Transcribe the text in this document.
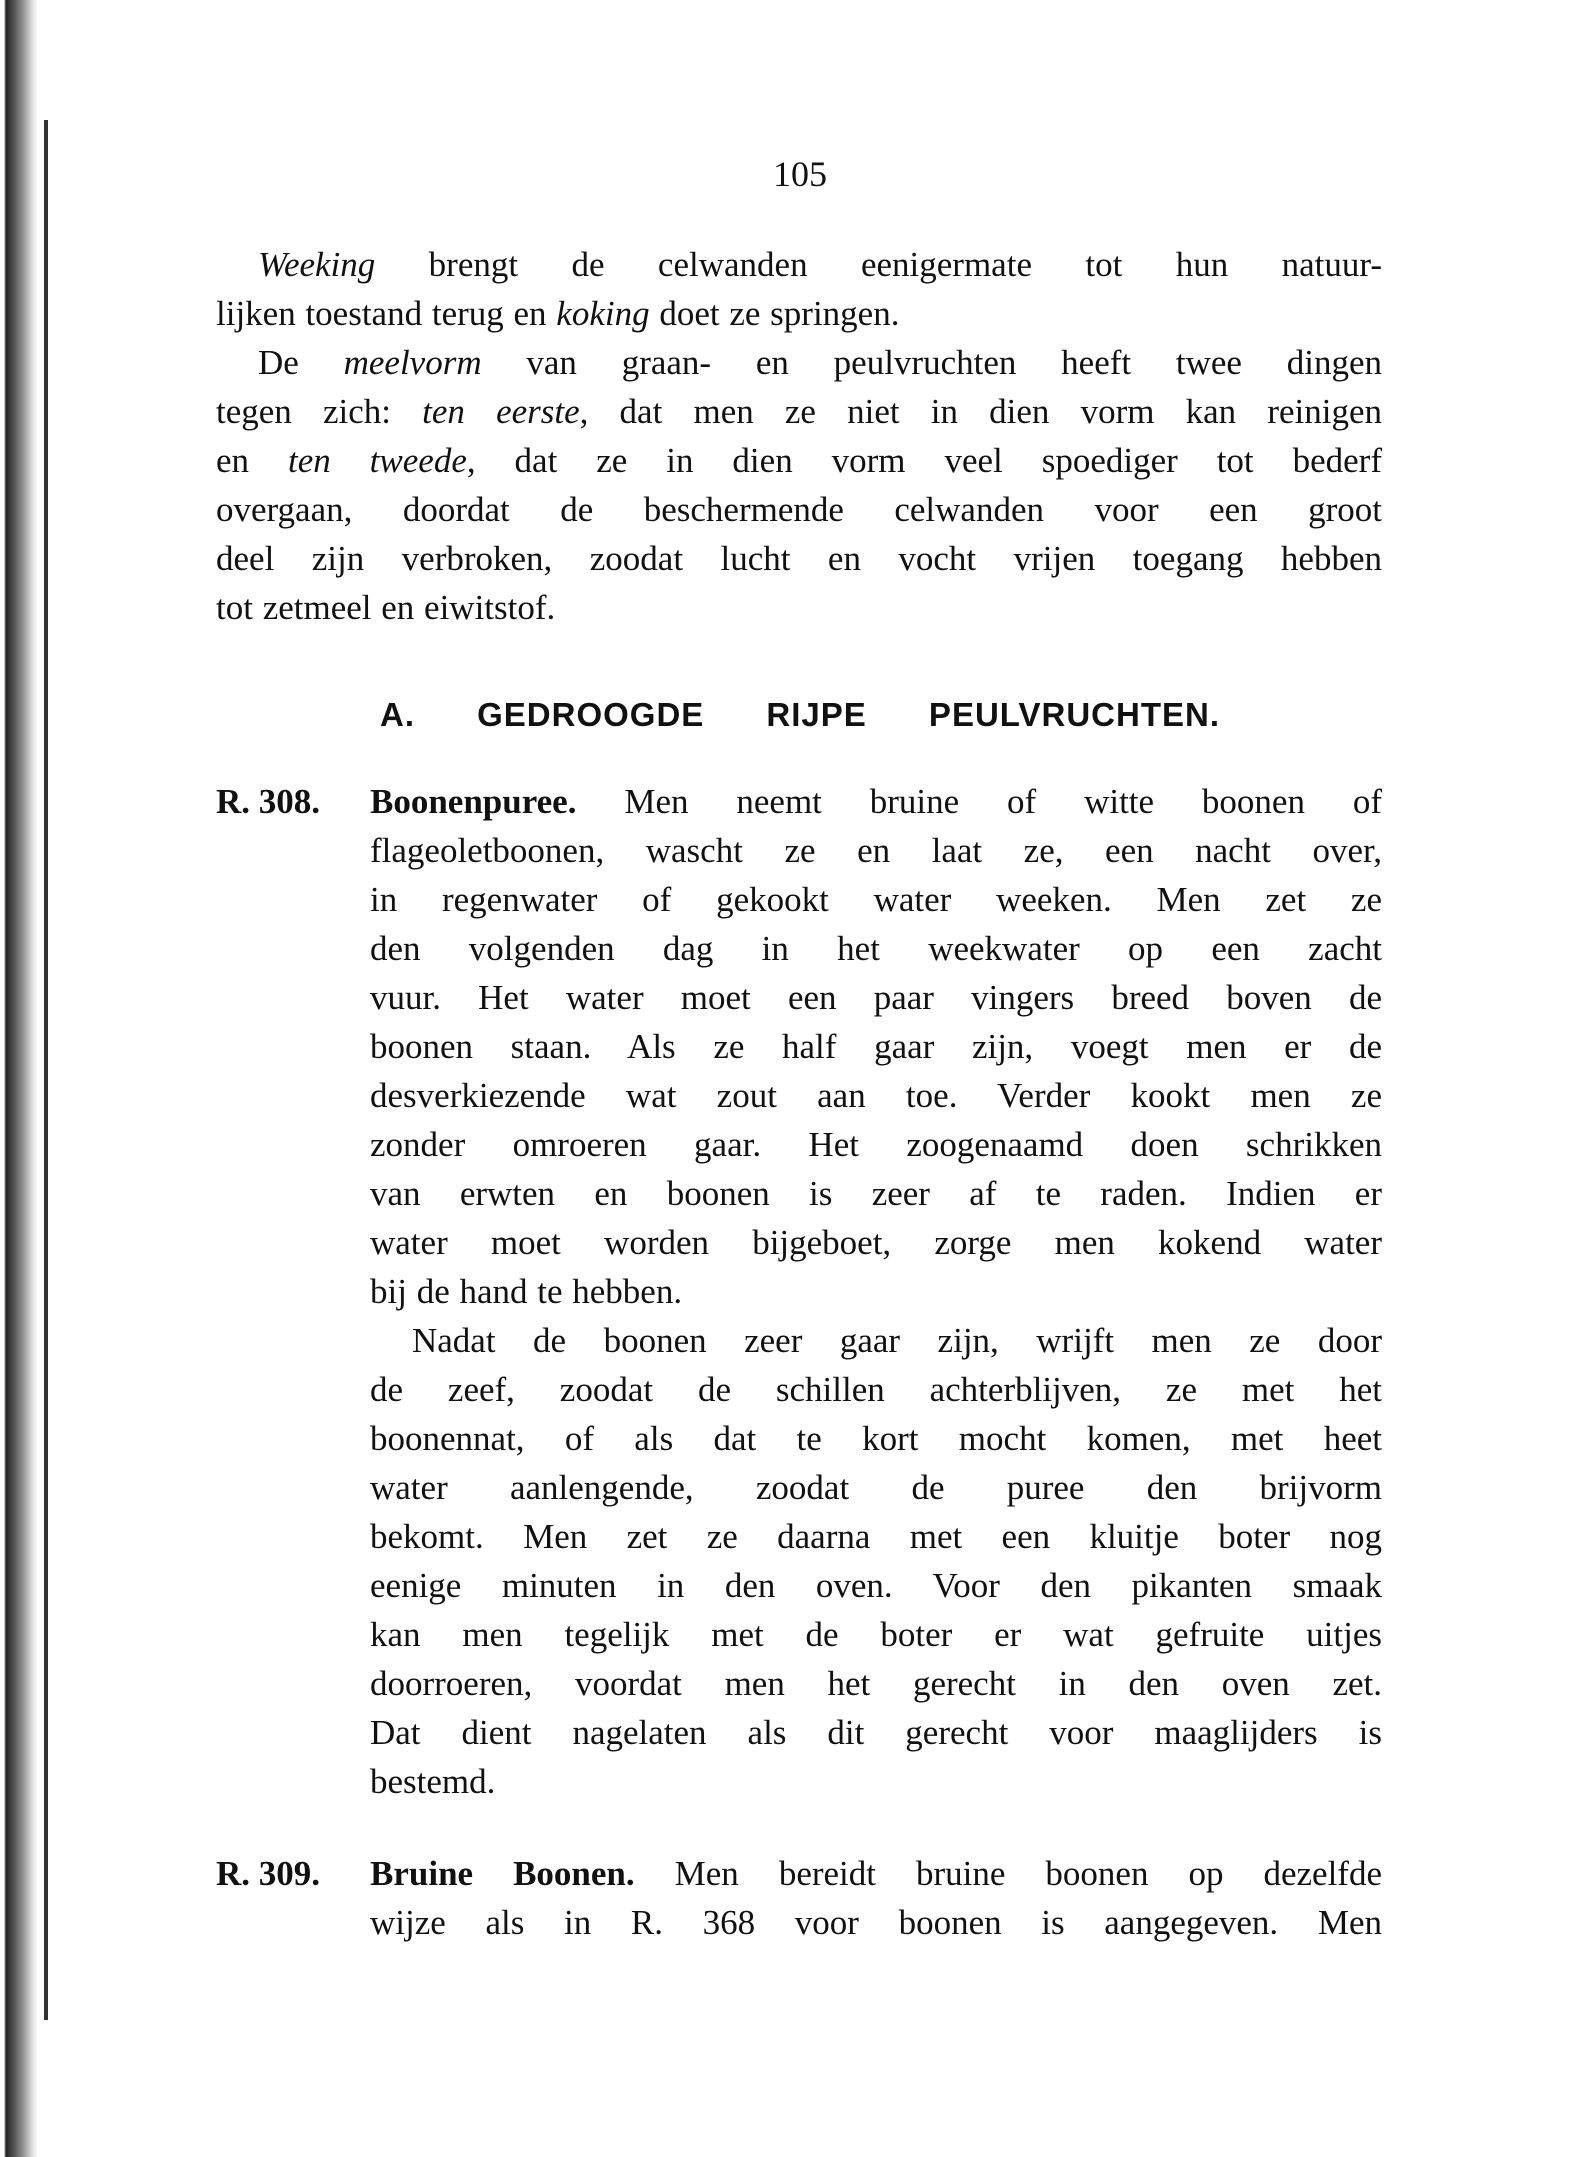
105
Weeking brengt de celwanden eenigermate tot hun natuur-
lijken toestand terug en koking doet ze springen.
De meelvorm van graan- en peulvruchten heeft twee dingen
tegen zich: ten eerste, dat men ze niet in dien vorm kan reinigen
en ten tweede, dat ze in dien vorm veel spoediger tot bederf
overgaan, doordat de beschermende celwanden voor een groot
deel zijn verbroken, zoodat lucht en vocht vrijen toegang hebben
tot zetmeel en eiwitstof.
A. GEDROOGDE RIJPE PEULVRUCHTEN.
R. 308. Boonenpuree. Men neemt bruine of witte boonen of
flageoletboonen, wascht ze en laat ze, een nacht over,
in regenwater of gekookt water weeken. Men zet ze
den volgenden dag in het weekwater op een zacht
vuur. Het water moet een paar vingers breed boven de
boonen staan. Als ze half gaar zijn, voegt men er de
desverkiezende wat zout aan toe. Verder kookt men ze
zonder omroeren gaar. Het zoogenaamd doen schrikken
van erwten en boonen is zeer af te raden. Indien er
water moet worden bijgeboet, zorge men kokend water
bij de hand te hebben.
Nadat de boonen zeer gaar zijn, wrijft men ze door
de zeef, zoodat de schillen achterblijven, ze met het
boonennat, of als dat te kort mocht komen, met heet
water aanlengende, zoodat de puree den brijvorm
bekomt. Men zet ze daarna met een kluitje boter nog
eenige minuten in den oven. Voor den pikanten smaak
kan men tegelijk met de boter er wat gefruite uitjes
doorroeren, voordat men het gerecht in den oven zet.
Dat dient nagelaten als dit gerecht voor maaglijders is
bestemd.
R. 309. Bruine Boonen. Men bereidt bruine boonen op dezelfde
wijze als in R. 368 voor boonen is aangegeven. Men
